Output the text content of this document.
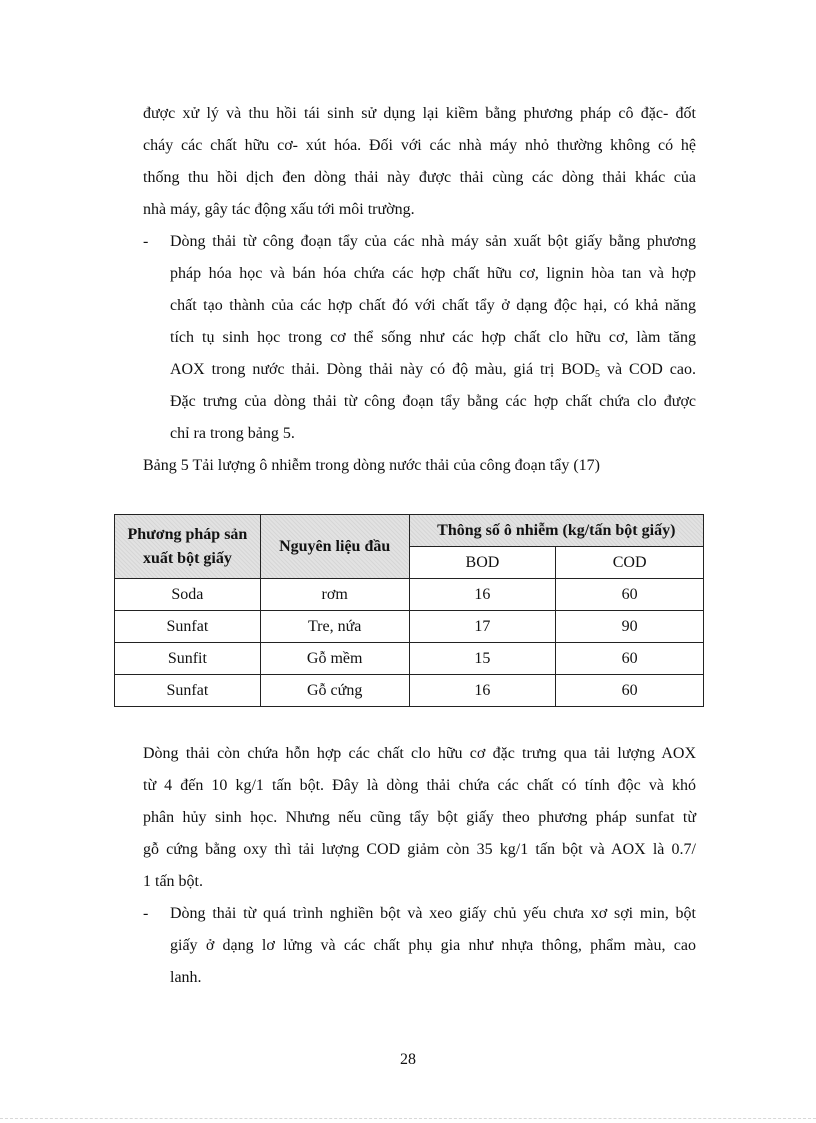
được xử lý và thu hồi tái sinh sử dụng lại kiềm bằng phương pháp cô đặc- đốt
cháy các chất hữu cơ- xút hóa. Đối với các nhà máy nhỏ thường không có hệ
thống thu hồi dịch đen dòng thải này được thải cùng các dòng thải khác của
nhà máy, gây tác động xấu tới môi trường.
- Dòng thải từ công đoạn tẩy của các nhà máy sản xuất bột giấy bằng phương
pháp hóa học và bán hóa chứa các hợp chất hữu cơ, lignin hòa tan và hợp
chất tạo thành của các hợp chất đó với chất tẩy ở dạng độc hại, có khả năng
tích tụ sinh học trong cơ thể sống như các hợp chất clo hữu cơ, làm tăng
AOX trong nước thải. Dòng thải này có độ màu, giá trị $BOD_5$ và COD cao.
Đặc trưng của dòng thải từ công đoạn tẩy bằng các hợp chất chứa clo được
chỉ ra trong bảng 5.
Bảng 5 Tải lượng ô nhiễm trong dòng nước thải của công đoạn tẩy (17)
Phương pháp sản xuất bột giấy	Nguyên liệu đầu	Thông số ô nhiễm (kg/tấn bột giấy)	
		BOD	COD
Soda	rơm	16	60
Sunfat	Tre, nứa	17	90
Sunfit	Gỗ mềm	15	60
Sunfat	Gỗ cứng	16	60
Dòng thải còn chứa hỗn hợp các chất clo hữu cơ đặc trưng qua tải lượng AOX
từ 4 đến 10 kg/1 tấn bột. Đây là dòng thải chứa các chất có tính độc và khó
phân hủy sinh học. Nhưng nếu cũng tẩy bột giấy theo phương pháp sunfat từ
gỗ cứng bằng oxy thì tải lượng COD giảm còn 35 kg/1 tấn bột và AOX là 0.7/
1 tấn bột.
- Dòng thải từ quá trình nghiền bột và xeo giấy chủ yếu chưa xơ sợi min, bột
giấy ở dạng lơ lửng và các chất phụ gia như nhựa thông, phẩm màu, cao
lanh.
28
